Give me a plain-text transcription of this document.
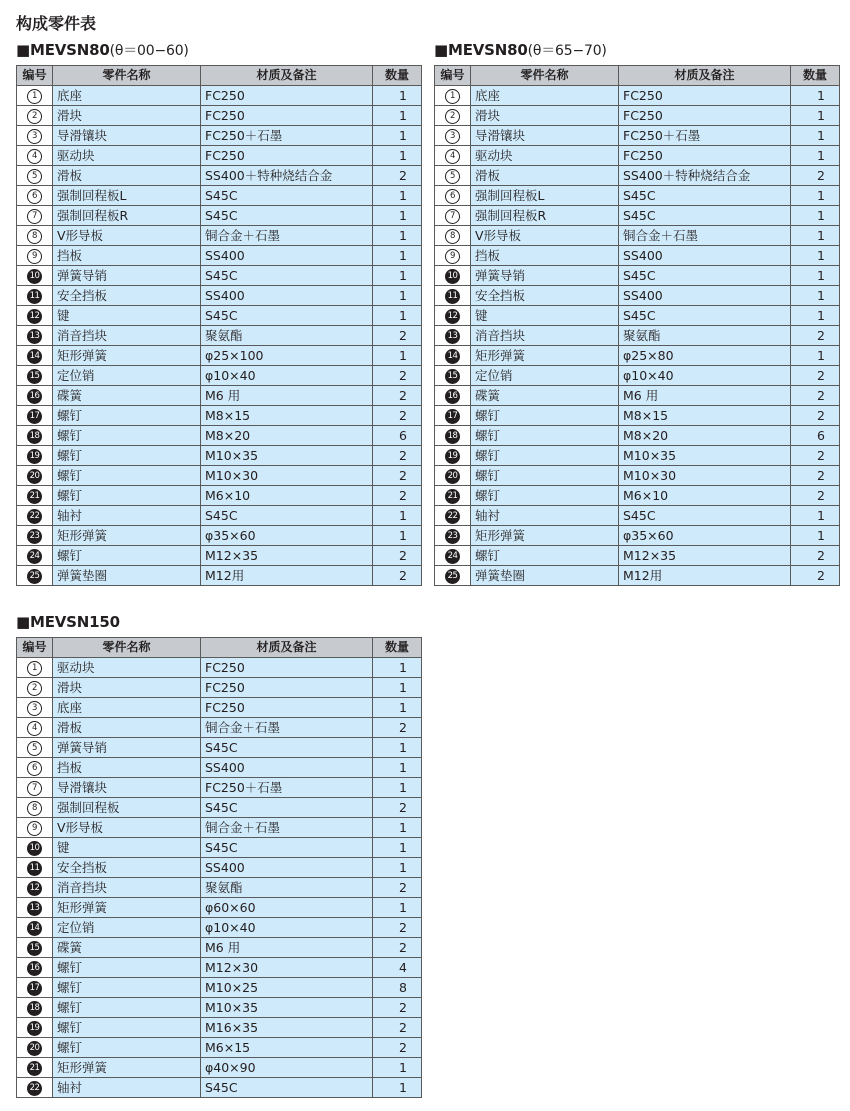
构成零件表
■MEVSN80(θ＝00−60)	■MEVSN80(θ＝65−70)
■MEVSN150
编号	零件名称	材质及备注	数量
1	底座	FC250	1
2	滑块	FC250	1
3	导滑镶块	FC250＋石墨	1
4	驱动块	FC250	1
5	滑板	SS400＋特种烧结合金	2
6	强制回程板L	S45C	1
7	强制回程板R	S45C	1
8	V形导板	铜合金＋石墨	1
9	挡板	SS400	1
10	弹簧导销	S45C	1
11	安全挡板	SS400	1
12	键	S45C	1
13	消音挡块	聚氨酯	2
14	矩形弹簧	φ25×100	1
15	定位销	φ10×40	2
16	碟簧	M6 用	2
17	螺钉	M8×15	2
18	螺钉	M8×20	6
19	螺钉	M10×35	2
20	螺钉	M10×30	2
21	螺钉	M6×10	2
22	轴衬	S45C	1
23	矩形弹簧	φ35×60	1
24	螺钉	M12×35	2
25	弹簧垫圈	M12用	2
编号	零件名称	材质及备注	数量
1	底座	FC250	1
2	滑块	FC250	1
3	导滑镶块	FC250＋石墨	1
4	驱动块	FC250	1
5	滑板	SS400＋特种烧结合金	2
6	强制回程板L	S45C	1
7	强制回程板R	S45C	1
8	V形导板	铜合金＋石墨	1
9	挡板	SS400	1
10	弹簧导销	S45C	1
11	安全挡板	SS400	1
12	键	S45C	1
13	消音挡块	聚氨酯	2
14	矩形弹簧	φ25×80	1
15	定位销	φ10×40	2
16	碟簧	M6 用	2
17	螺钉	M8×15	2
18	螺钉	M8×20	6
19	螺钉	M10×35	2
20	螺钉	M10×30	2
21	螺钉	M6×10	2
22	轴衬	S45C	1
23	矩形弹簧	φ35×60	1
24	螺钉	M12×35	2
25	弹簧垫圈	M12用	2
编号	零件名称	材质及备注	数量
1	驱动块	FC250	1
2	滑块	FC250	1
3	底座	FC250	1
4	滑板	铜合金＋石墨	2
5	弹簧导销	S45C	1
6	挡板	SS400	1
7	导滑镶块	FC250＋石墨	1
8	强制回程板	S45C	2
9	V形导板	铜合金＋石墨	1
10	键	S45C	1
11	安全挡板	SS400	1
12	消音挡块	聚氨酯	2
13	矩形弹簧	φ60×60	1
14	定位销	φ10×40	2
15	碟簧	M6 用	2
16	螺钉	M12×30	4
17	螺钉	M10×25	8
18	螺钉	M10×35	2
19	螺钉	M16×35	2
20	螺钉	M6×15	2
21	矩形弹簧	φ40×90	1
22	轴衬	S45C	1
